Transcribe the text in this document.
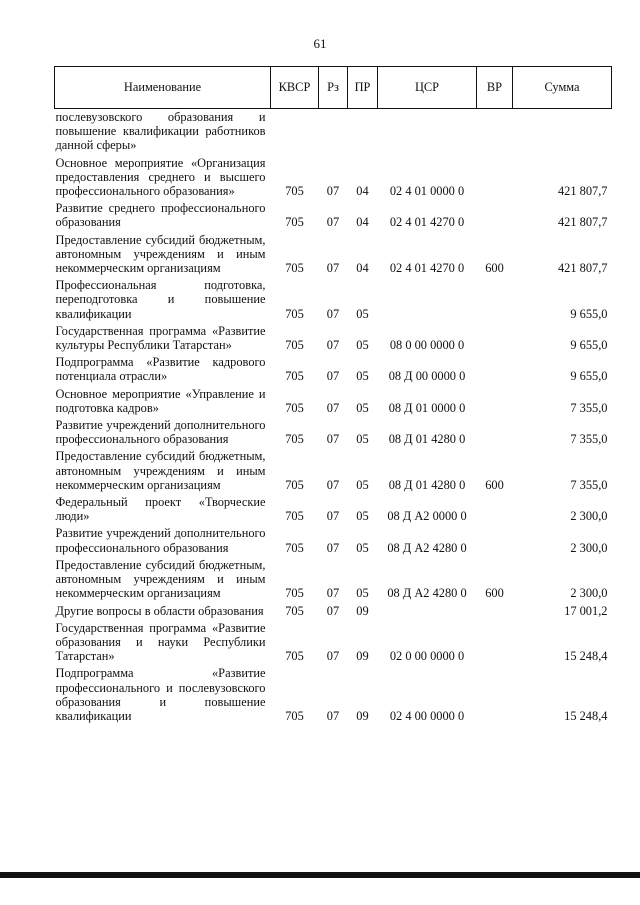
61
Наименование	КВСР	Рз	ПР	ЦСР	ВР	Сумма
послевузовского образования и повышение квалификации работников данной сферы»						
Основное мероприятие «Организация предоставления среднего и высшего профессионального образования»	705	07	04	02 4 01 0000 0		421 807,7
Развитие среднего профессионального образования	705	07	04	02 4 01 4270 0		421 807,7
Предоставление субсидий бюджетным, автономным учреждениям и иным некоммерческим организациям	705	07	04	02 4 01 4270 0	600	421 807,7
Профессиональная подготовка, переподготовка и повышение квалификации	705	07	05			9 655,0
Государственная программа «Развитие культуры Республики Татарстан»	705	07	05	08 0 00 0000 0		9 655,0
Подпрограмма «Развитие кадрового потенциала отрасли»	705	07	05	08 Д 00 0000 0		9 655,0
Основное мероприятие «Управление и подготовка кадров»	705	07	05	08 Д 01 0000 0		7 355,0
Развитие учреждений дополнительного профессионального образования	705	07	05	08 Д 01 4280 0		7 355,0
Предоставление субсидий бюджетным, автономным учреждениям и иным некоммерческим организациям	705	07	05	08 Д 01 4280 0	600	7 355,0
Федеральный проект «Творческие люди»	705	07	05	08 Д А2 0000 0		2 300,0
Развитие учреждений дополнительного профессионального образования	705	07	05	08 Д А2 4280 0		2 300,0
Предоставление субсидий бюджетным, автономным учреждениям и иным некоммерческим организациям	705	07	05	08 Д А2 4280 0	600	2 300,0
Другие вопросы в области образования	705	07	09			17 001,2
Государственная программа «Развитие образования и науки Республики Татарстан»	705	07	09	02 0 00 0000 0		15 248,4
Подпрограмма «Развитие профессионального и послевузовского образования и повышение квалификации	705	07	09	02 4 00 0000 0		15 248,4
